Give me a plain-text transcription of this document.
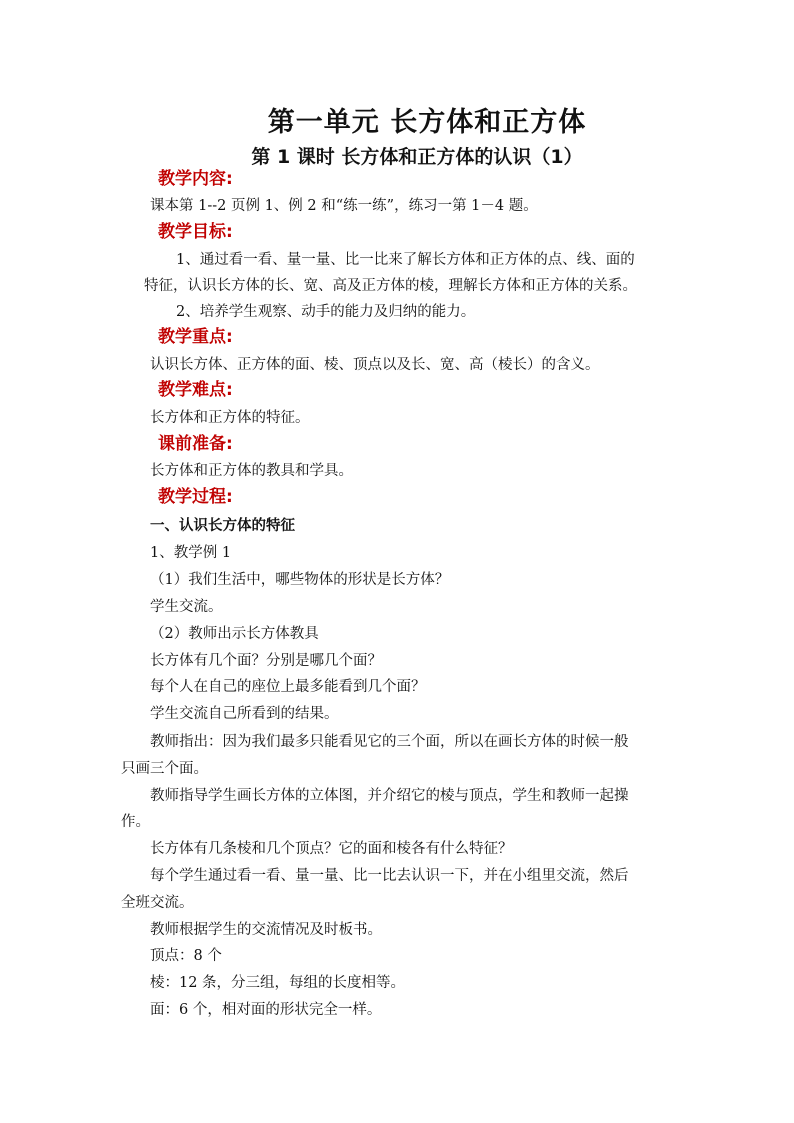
第一单元 长方体和正方体
第 1 课时 长方体和正方体的认识（1）
教学内容:
课本第 1--2 页例 1、例 2 和“练一练”，练习一第 1－4 题。
教学目标:
1、通过看一看、量一量、比一比来了解长方体和正方体的点、线、面的
特征，认识长方体的长、宽、高及正方体的棱，理解长方体和正方体的关系。
2、培养学生观察、动手的能力及归纳的能力。
教学重点:
认识长方体、正方体的面、棱、顶点以及长、宽、高（棱长）的含义。
教学难点:
长方体和正方体的特征。
课前准备:
长方体和正方体的教具和学具。
教学过程:
一、认识长方体的特征
1、教学例 1
（1）我们生活中，哪些物体的形状是长方体？
学生交流。
（2）教师出示长方体教具
长方体有几个面？分别是哪几个面？
每个人在自己的座位上最多能看到几个面？
学生交流自己所看到的结果。
教师指出：因为我们最多只能看见它的三个面，所以在画长方体的时候一般
只画三个面。
教师指导学生画长方体的立体图，并介绍它的棱与顶点，学生和教师一起操
作。
长方体有几条棱和几个顶点？它的面和棱各有什么特征？
每个学生通过看一看、量一量、比一比去认识一下，并在小组里交流，然后
全班交流。
教师根据学生的交流情况及时板书。
顶点：8 个
棱：12 条，分三组，每组的长度相等。
面：6 个，相对面的形状完全一样。
